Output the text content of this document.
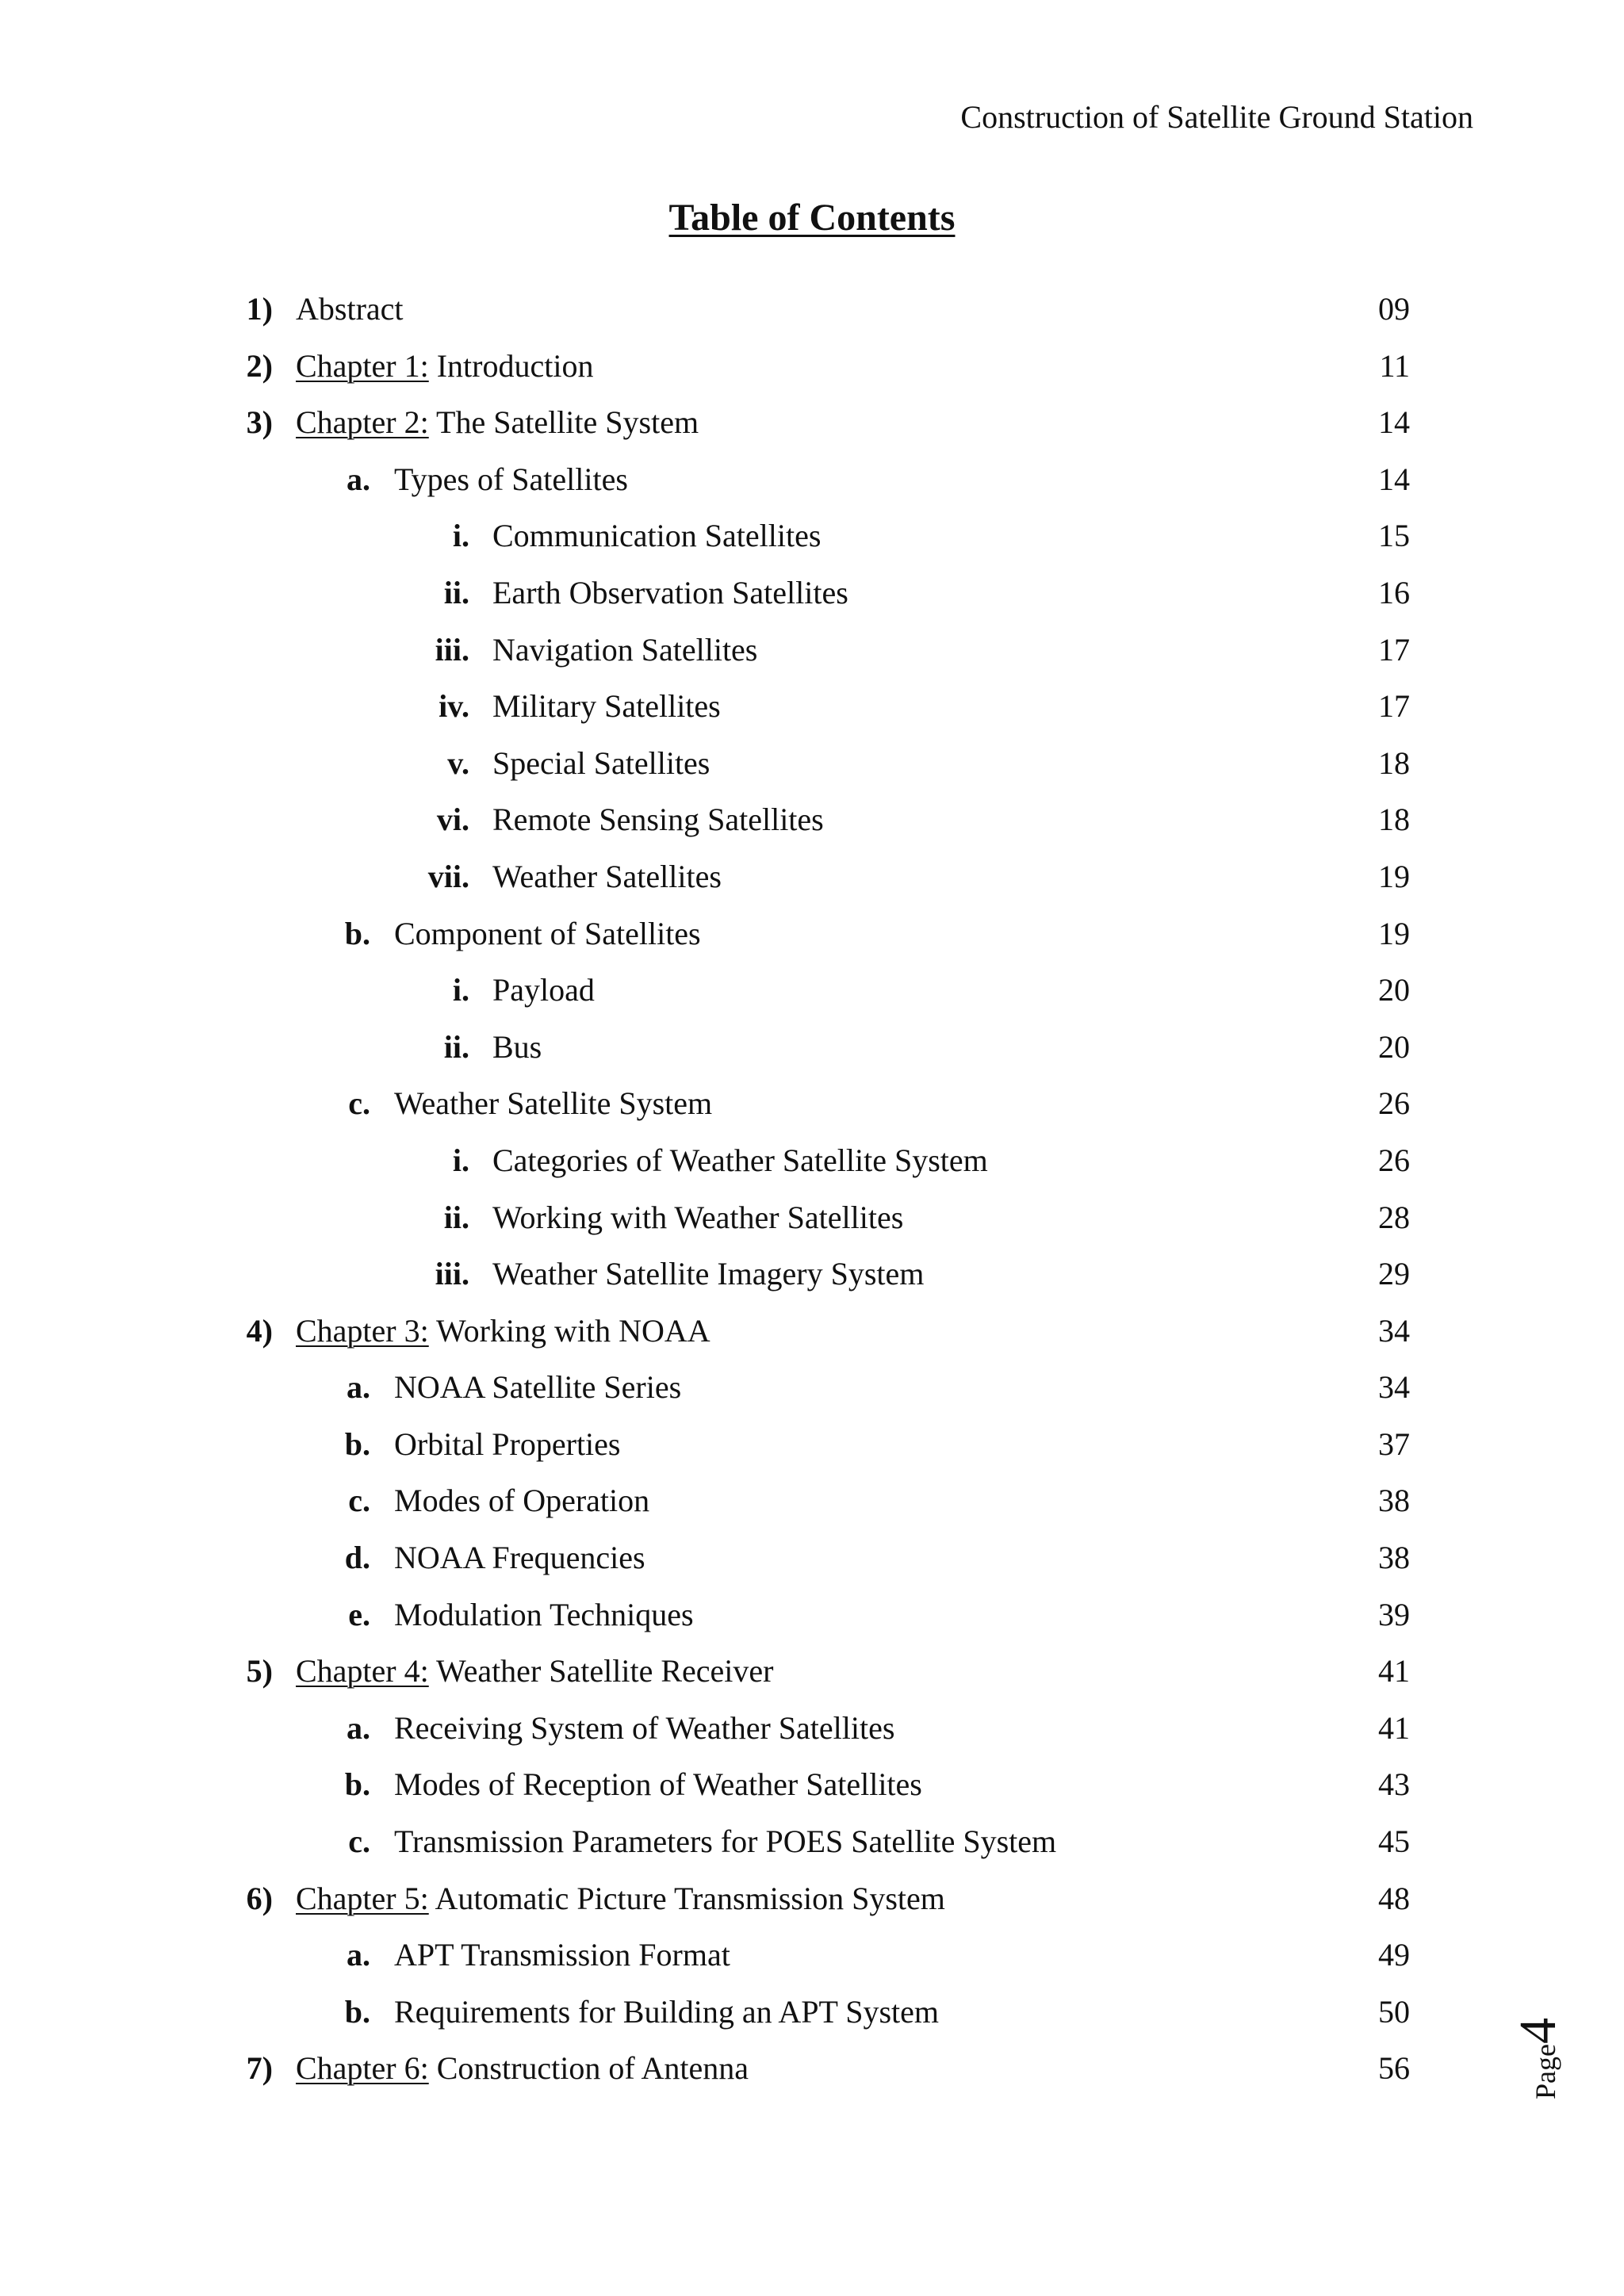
Construction of Satellite Ground Station
Table of Contents
1) Abstract	09
2) Chapter 1: Introduction	11
3) Chapter 2: The Satellite System	14
a. Types of Satellites	14
i. Communication Satellites	15
ii. Earth Observation Satellites	16
iii. Navigation Satellites	17
iv. Military Satellites	17
v. Special Satellites	18
vi. Remote Sensing Satellites	18
vii. Weather Satellites	19
b. Component of Satellites	19
i. Payload	20
ii. Bus	20
c. Weather Satellite System	26
i. Categories of Weather Satellite System	26
ii. Working with Weather Satellites	28
iii. Weather Satellite Imagery System	29
4) Chapter 3: Working with NOAA	34
a. NOAA Satellite Series	34
b. Orbital Properties	37
c. Modes of Operation	38
d. NOAA Frequencies	38
e. Modulation Techniques	39
5) Chapter 4: Weather Satellite Receiver	41
a. Receiving System of Weather Satellites	41
b. Modes of Reception of Weather Satellites	43
c. Transmission Parameters for POES Satellite System	45
6) Chapter 5: Automatic Picture Transmission System	48
a. APT Transmission Format	49
b. Requirements for Building an APT System	50
7) Chapter 6: Construction of Antenna	56	Page4
